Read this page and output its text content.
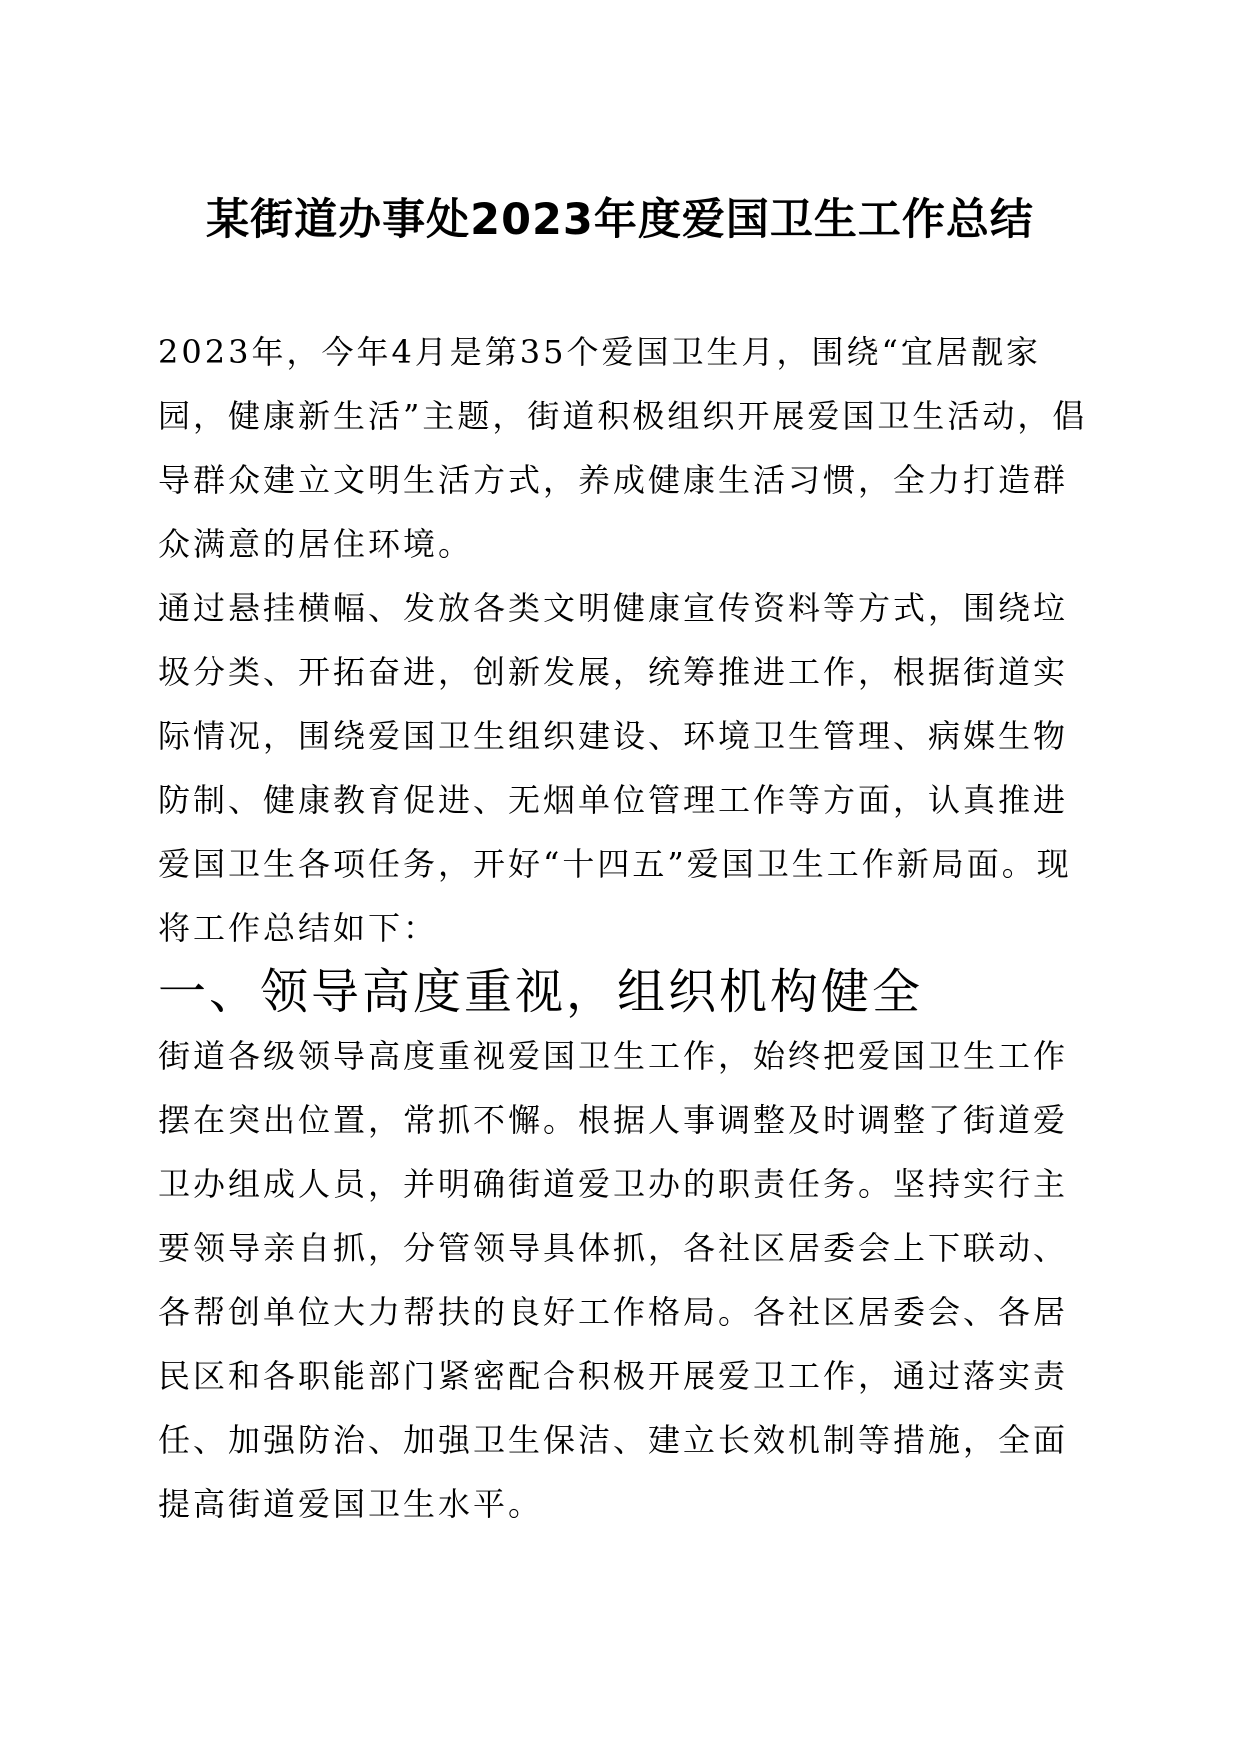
某街道办事处2023年度爱国卫生工作总结

2023年，今年4月是第35个爱国卫生月，围绕“宜居靓家园，健康新生活”主题，街道积极组织开展爱国卫生活动，倡导群众建立文明生活方式，养成健康生活习惯，全力打造群众满意的居住环境。

通过悬挂横幅、发放各类文明健康宣传资料等方式，围绕垃圾分类、开拓奋进，创新发展，统筹推进工作，根据街道实际情况，围绕爱国卫生组织建设、环境卫生管理、病媒生物防制、健康教育促进、无烟单位管理工作等方面，认真推进爱国卫生各项任务，开好“十四五”爱国卫生工作新局面。现将工作总结如下：

一、领导高度重视，组织机构健全

街道各级领导高度重视爱国卫生工作，始终把爱国卫生工作摆在突出位置，常抓不懈。根据人事调整及时调整了街道爱卫办组成人员，并明确街道爱卫办的职责任务。坚持实行主要领导亲自抓，分管领导具体抓，各社区居委会上下联动、各帮创单位大力帮扶的良好工作格局。各社区居委会、各居民区和各职能部门紧密配合积极开展爱卫工作，通过落实责任、加强防治、加强卫生保洁、建立长效机制等措施，全面提高街道爱国卫生水平。
